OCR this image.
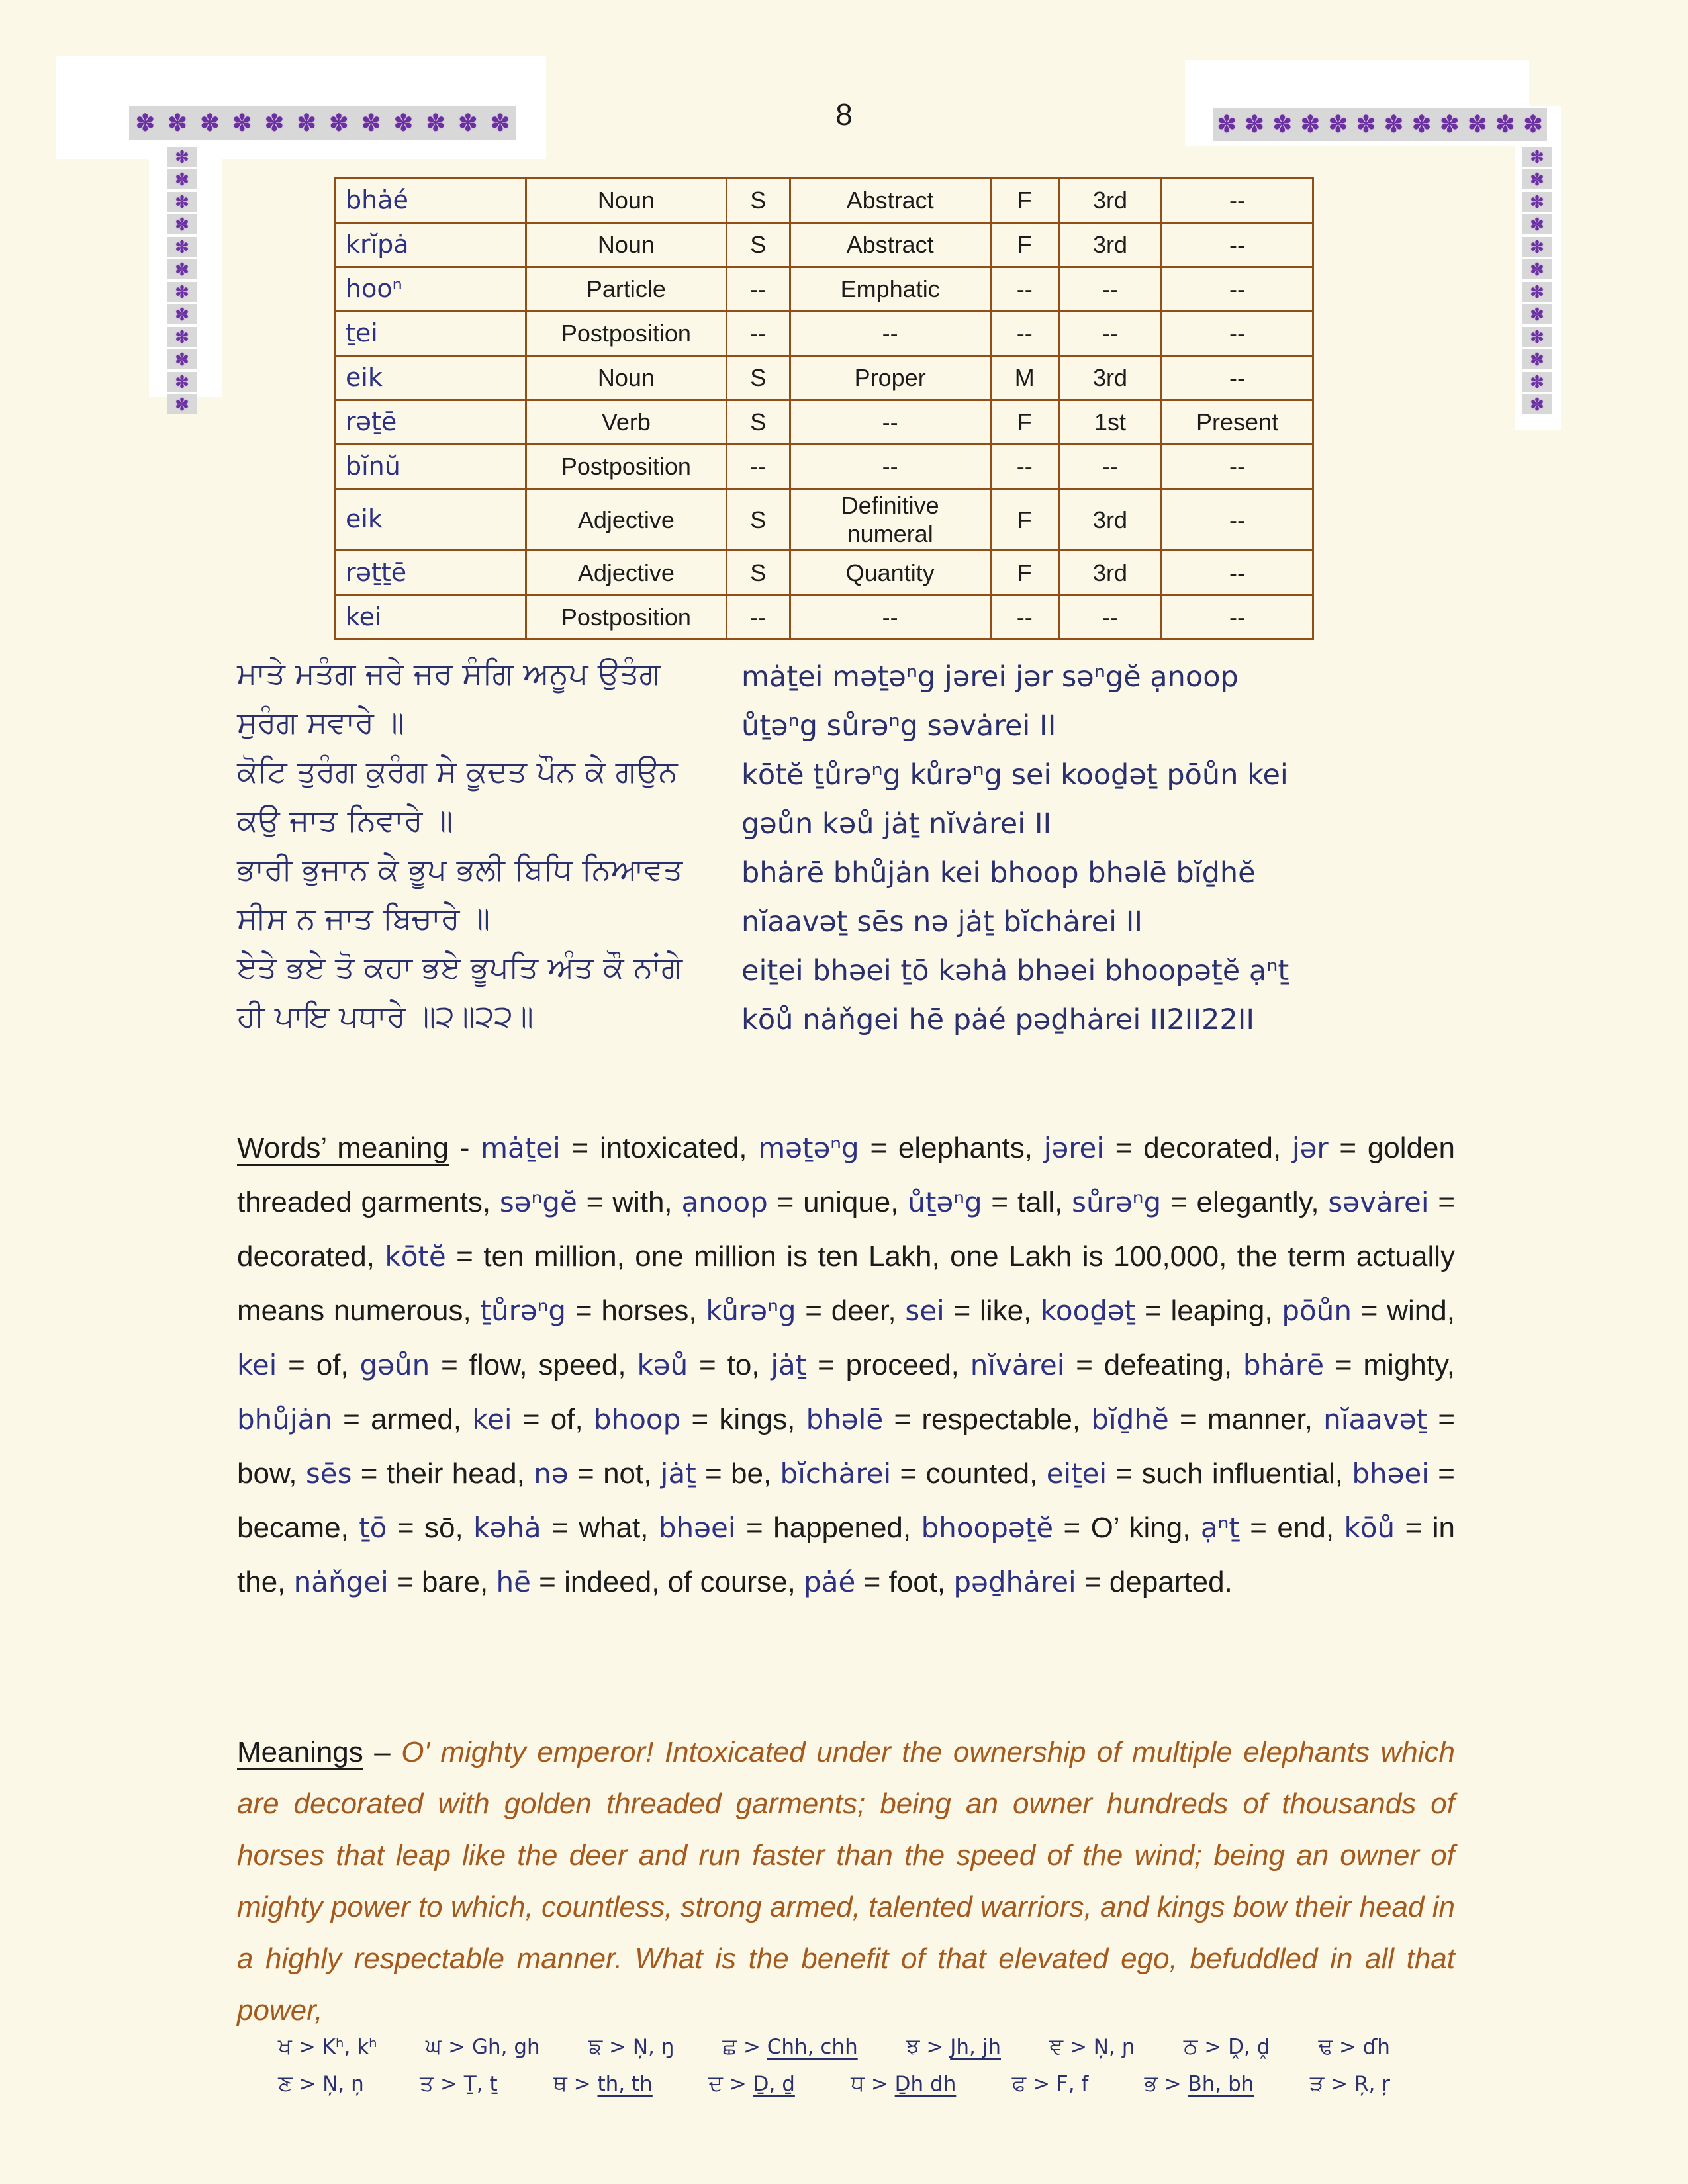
✽ ✽ ✽ ✽ ✽ ✽ ✽ ✽ ✽ ✽ ✽ ✽	✽ ✽ ✽ ✽ ✽ ✽ ✽ ✽ ✽ ✽ ✽ ✽
✽
✽
✽
✽
✽
✽
✽
✽
✽
✽
✽
✽
✽
✽
✽
✽
✽
✽
✽
✽
✽
✽
✽
✽
8
bhȧé	Noun	S	Abstract	F	3rd	--
krĭpȧ	Noun	S	Abstract	F	3rd	--
hooⁿ	Particle	--	Emphatic	--	--	--
ṯei	Postposition	--	--	--	--	--
eik	Noun	S	Proper	M	3rd	--
rəṯē	Verb	S	--	F	1st	Present
bĭnŭ	Postposition	--	--	--	--	--
eik	Adjective	S	Definitive numeral	F	3rd	--
rəṯṯē	Adjective	S	Quantity	F	3rd	--
kei	Postposition	--	--	--	--	--
ਮਾਤੇ ਮਤੰਗ ਜਰੇ ਜਰ ਸੰਗਿ ਅਨੂਪ ਉਤੰਗ
ਸੁਰੰਗ ਸਵਾਰੇ ॥
ਕੋਟਿ ਤੁਰੰਗ ਕੁਰੰਗ ਸੇ ਕੂਦਤ ਪੌਨ ਕੇ ਗਉਨ
ਕਉ ਜਾਤ ਨਿਵਾਰੇ ॥
ਭਾਰੀ ਭੁਜਾਨ ਕੇ ਭੂਪ ਭਲੀ ਬਿਧਿ ਨਿਆਵਤ
ਸੀਸ ਨ ਜਾਤ ਬਿਚਾਰੇ ॥
ਏਤੇ ਭਏ ਤੋ ਕਹਾ ਭਏ ਭੂਪਤਿ ਅੰਤ ਕੌ ਨਾਂਗੇ
ਹੀ ਪਾਇ ਪਧਾਰੇ ॥੨॥੨੨॥
mȧṯei məṯəⁿg jərei jər səⁿgĕ ạnoop
ůṯəⁿg sůrəⁿg səvȧrei II
kōtĕ ṯůrəⁿg kůrəⁿg sei kooḏəṯ pōůn kei
gəůn kəů jȧṯ nĭvȧrei II
bhȧrē bhůjȧn kei bhoop bhəlē bĭḏhĕ
nĭaavəṯ sēs nə jȧṯ bĭchȧrei II
eiṯei bhəei ṯō kəhȧ bhəei bhoopəṯĕ ạⁿṯ
kōů nȧňgei hē pȧé pəḏhȧrei II2II22II

Words’ meaning - mȧṯei = intoxicated, məṯəⁿg = elephants, jərei = decorated, jər = golden threaded garments, səⁿgĕ = with, ạnoop = unique, ůṯəⁿg = tall, sůrəⁿg = elegantly, səvȧrei = decorated, kōtĕ = ten million, one million is ten Lakh, one Lakh is 100,000, the term actually means numerous, ṯůrəⁿg = horses, kůrəⁿg = deer, sei = like, kooḏəṯ = leaping, pōůn = wind, kei = of, gəůn = flow, speed, kəů = to, jȧṯ = proceed, nĭvȧrei = defeating, bhȧrē = mighty, bhůjȧn = armed, kei = of, bhoop = kings, bhəlē = respectable, bĭḏhĕ = manner, nĭaavəṯ = bow, sēs = their head, nə = not, jȧṯ = be, bĭchȧrei = counted, eiṯei = such influential, bhəei = became, ṯō = sō, kəhȧ = what, bhəei = happened, bhoopəṯĕ = O’ king, ạⁿṯ = end, kōů = in the, nȧňgei = bare, hē = indeed, of course, pȧé = foot, pəḏhȧrei = departed.

Meanings – O' mighty emperor! Intoxicated under the ownership of multiple elephants which are decorated with golden threaded garments; being an owner hundreds of thousands of horses that leap like the deer and run faster than the speed of the wind; being an owner of mighty power to which, countless, strong armed, talented warriors, and kings bow their head in a highly respectable manner. What is the benefit of that elevated ego, befuddled in all that power,

ਖ > Kʰ, kʰ ਘ > Gh, gh ਙ > Ņ, ŋ ਛ > Chh, chh ਝ > Jh, jh ਞ > Ņ, ɲ ਠ > Ḓ, ḓ ਢ > ɗh
ਣ > Ņ, ņ	ਤ > Ṯ, ṯ	ਥ > th, th	ਦ > Ḏ, ḏ	ਧ > Ḏh dh	ਫ > F, f	ਭ > Bh, bh	ੜ > Ŗ, ŗ
